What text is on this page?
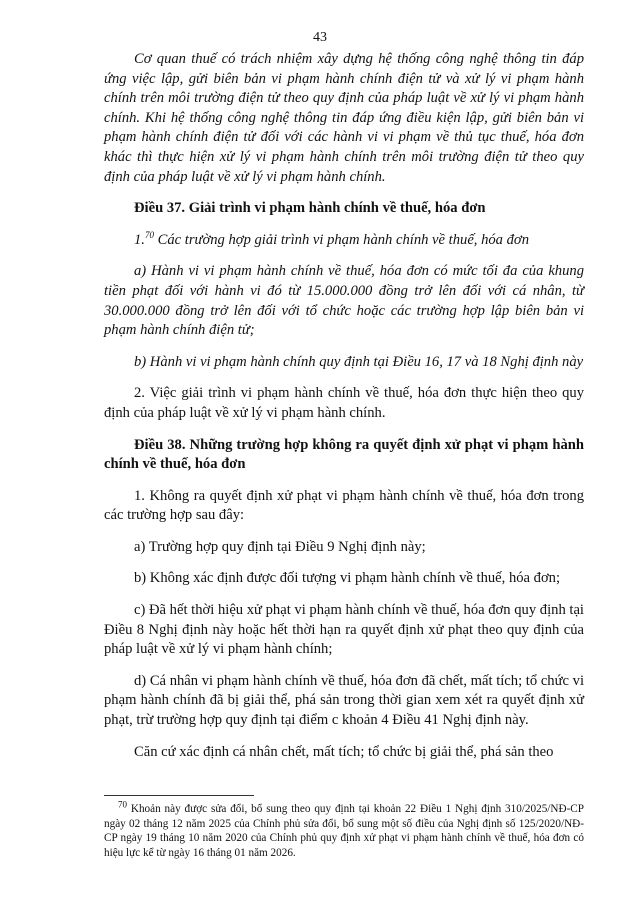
43

Cơ quan thuế có trách nhiệm xây dựng hệ thống công nghệ thông tin đáp ứng việc lập, gửi biên bản vi phạm hành chính điện tử và xử lý vi phạm hành chính trên môi trường điện tử theo quy định của pháp luật về xử lý vi phạm hành chính. Khi hệ thống công nghệ thông tin đáp ứng điều kiện lập, gửi biên bản vi phạm hành chính điện tử đối với các hành vi vi phạm về thủ tục thuế, hóa đơn khác thì thực hiện xử lý vi phạm hành chính trên môi trường điện tử theo quy định của pháp luật về xử lý vi phạm hành chính.

Điều 37. Giải trình vi phạm hành chính về thuế, hóa đơn

1.70 Các trường hợp giải trình vi phạm hành chính về thuế, hóa đơn

a) Hành vi vi phạm hành chính về thuế, hóa đơn có mức tối đa của khung tiền phạt đối với hành vi đó từ 15.000.000 đồng trở lên đối với cá nhân, từ 30.000.000 đồng trở lên đối với tổ chức hoặc các trường hợp lập biên bản vi phạm hành chính điện tử;

b) Hành vi vi phạm hành chính quy định tại Điều 16, 17 và 18 Nghị định này

2. Việc giải trình vi phạm hành chính về thuế, hóa đơn thực hiện theo quy định của pháp luật về xử lý vi phạm hành chính.

Điều 38. Những trường hợp không ra quyết định xử phạt vi phạm hành chính về thuế, hóa đơn

1. Không ra quyết định xử phạt vi phạm hành chính về thuế, hóa đơn trong các trường hợp sau đây:

a) Trường hợp quy định tại Điều 9 Nghị định này;

b) Không xác định được đối tượng vi phạm hành chính về thuế, hóa đơn;

c) Đã hết thời hiệu xử phạt vi phạm hành chính về thuế, hóa đơn quy định tại Điều 8 Nghị định này hoặc hết thời hạn ra quyết định xử phạt theo quy định của pháp luật về xử lý vi phạm hành chính;

d) Cá nhân vi phạm hành chính về thuế, hóa đơn đã chết, mất tích; tổ chức vi phạm hành chính đã bị giải thể, phá sản trong thời gian xem xét ra quyết định xử phạt, trừ trường hợp quy định tại điểm c khoản 4 Điều 41 Nghị định này.

Căn cứ xác định cá nhân chết, mất tích; tổ chức bị giải thể, phá sản theo

$^{70}$ Khoản này được sửa đổi, bổ sung theo quy định tại khoản 22 Điều 1 Nghị định 310/2025/NĐ-CP ngày 02 tháng 12 năm 2025 của Chính phủ sửa đổi, bổ sung một số điều của Nghị định số 125/2020/NĐ-CP ngày 19 tháng 10 năm 2020 của Chính phủ quy định xử phạt vi phạm hành chính về thuế, hóa đơn có hiệu lực kể từ ngày 16 tháng 01 năm 2026.
